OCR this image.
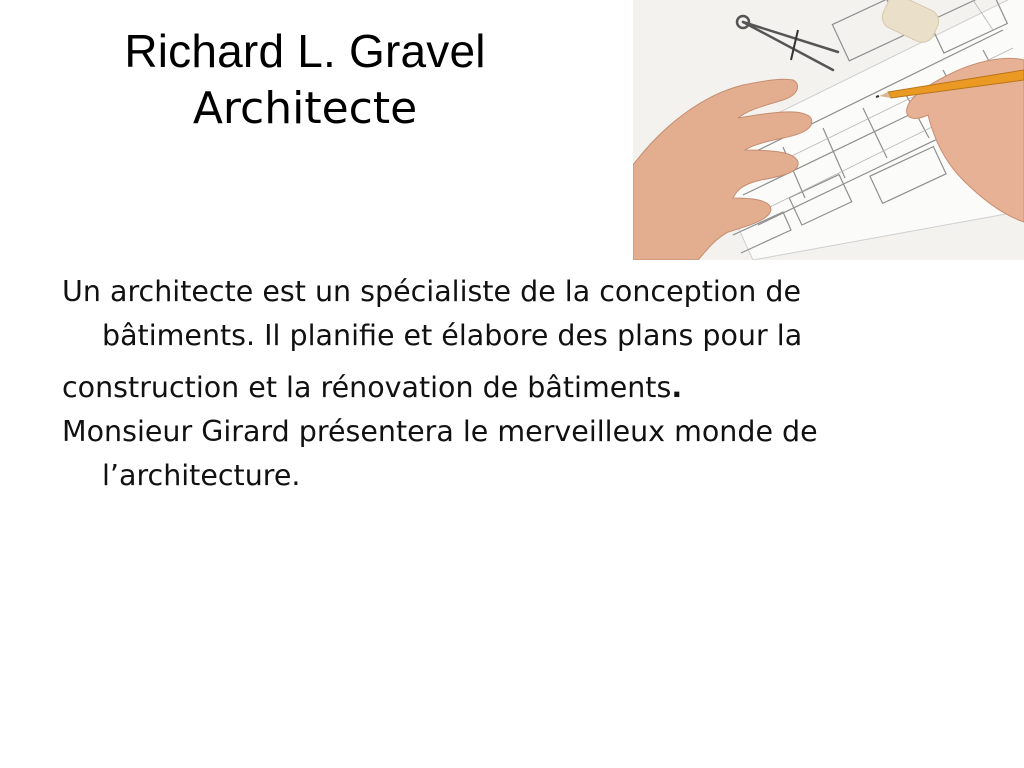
Richard L. Gravel
Architecte

Un architecte est un spécialiste de la conception de bâtiments. Il planifie et élabore des plans pour la
construction et la rénovation de bâtiments.

Monsieur Girard présentera le merveilleux monde de l’architecture.
